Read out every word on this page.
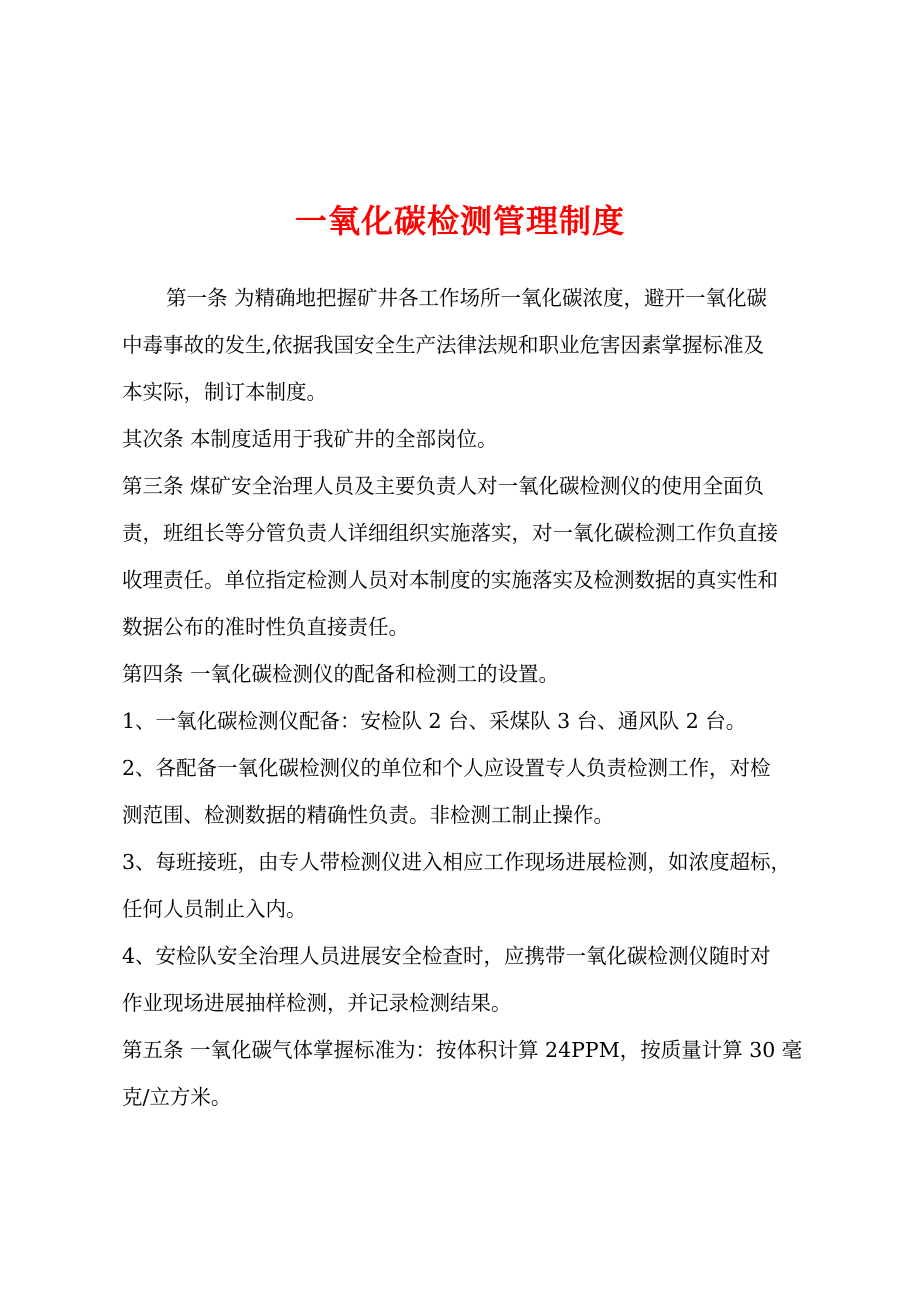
一氧化碳检测管理制度
第一条 为精确地把握矿井各工作场所一氧化碳浓度，避开一氧化碳
中毒事故的发生,依据我国安全生产法律法规和职业危害因素掌握标准及
本实际，制订本制度。
其次条 本制度适用于我矿井的全部岗位。
第三条 煤矿安全治理人员及主要负责人对一氧化碳检测仪的使用全面负
责，班组长等分管负责人详细组织实施落实，对一氧化碳检测工作负直接
收理责任。单位指定检测人员对本制度的实施落实及检测数据的真实性和
数据公布的准时性负直接责任。
第四条 一氧化碳检测仪的配备和检测工的设置。
1、一氧化碳检测仪配备：安检队 2 台、采煤队 3 台、通风队 2 台。
2、各配备一氧化碳检测仪的单位和个人应设置专人负责检测工作，对检
测范围、检测数据的精确性负责。非检测工制止操作。
3、每班接班，由专人带检测仪进入相应工作现场进展检测，如浓度超标，
任何人员制止入内。
4、安检队安全治理人员进展安全检查时，应携带一氧化碳检测仪随时对
作业现场进展抽样检测，并记录检测结果。
第五条 一氧化碳气体掌握标准为：按体积计算 24PPM，按质量计算 30 毫
克/立方米。
